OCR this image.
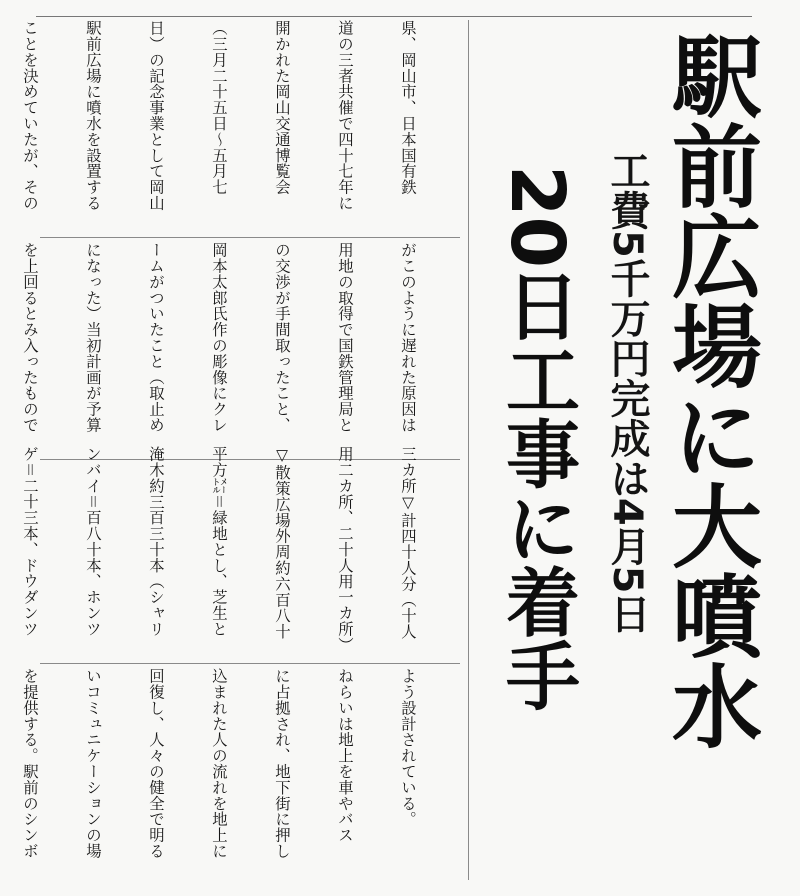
駅前広場に大噴水
工費5千万円完成は4月5日
20日工事に着手

県、岡山市、日本国有鉄

道の三者共催で四十七年に

開かれた岡山交通博覧会

（三月二十五日〜五月七

日）の記念事業として岡山

駅前広場に噴水を設置する

ことを決めていたが、その

がこのように遅れた原因は

用地の取得で国鉄管理局と

の交渉が手間取ったこと、

岡本太郎氏作の彫像にクレ

ームがついたこと（取止め

になった）当初計画が予算

を上回るとみ入ったもので

三カ所▽計四十人分（十人

用二カ所、二十人用一カ所）

▽散策広場外周約六百八十

平方㍍＝緑地とし、芝生と

淹木約三百三十本（シャリ

ンバイ＝百八十本、ホンツ

ゲ＝二十三本、ドウダンツ

よう設計されている。

ねらいは地上を車やバス

に占拠され、地下街に押し

込まれた人の流れを地上に

回復し、人々の健全で明る

いコミュニケーションの場

を提供する。駅前のシンボ
